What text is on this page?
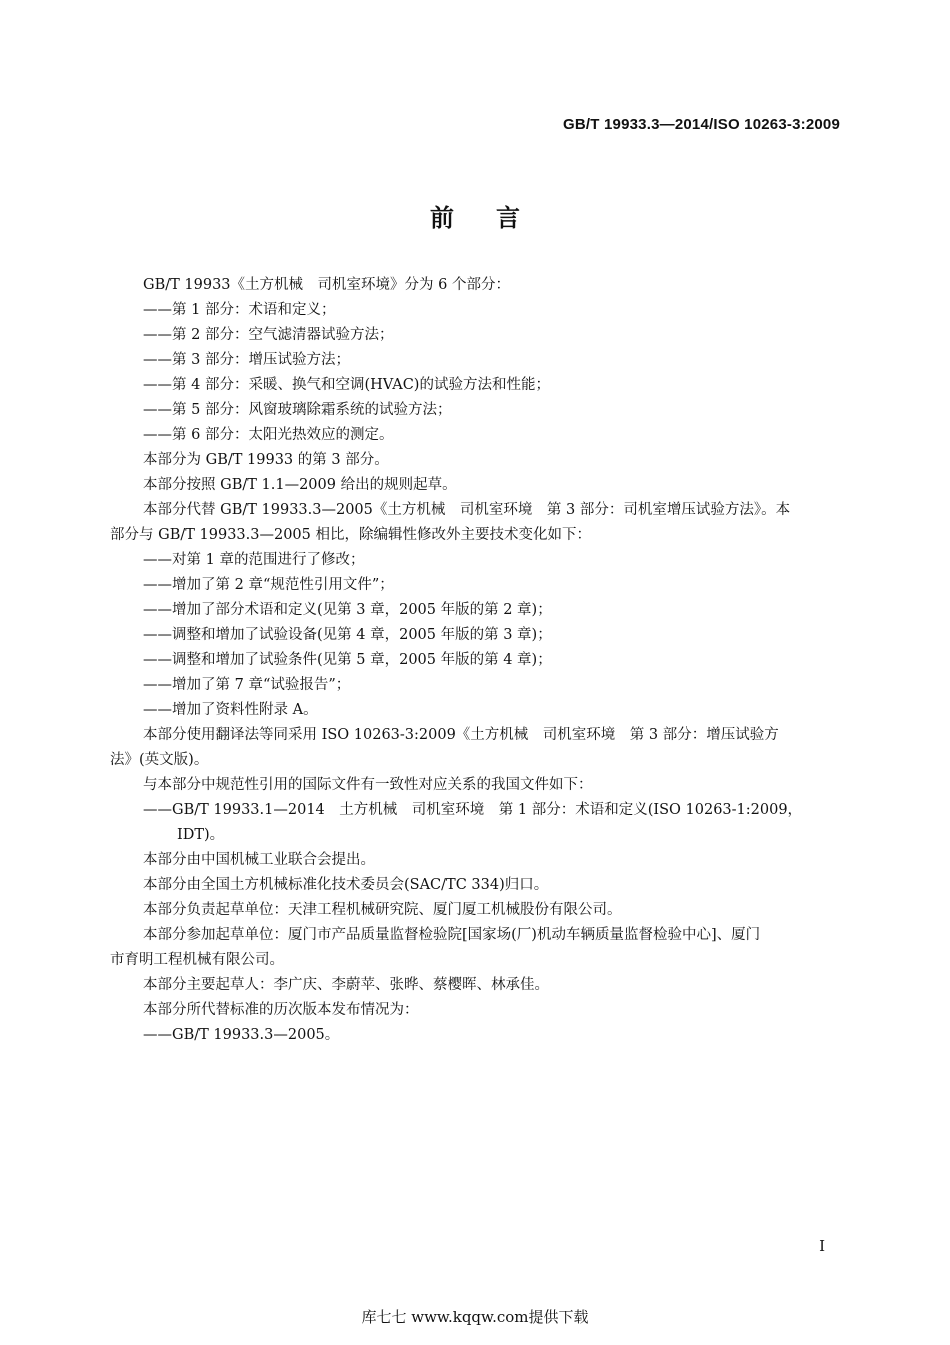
GB/T 19933.3—2014/ISO 10263-3:2009
前言

GB/T 19933《土方机械　司机室环境》分为 6 个部分：

——第 1 部分：术语和定义；

——第 2 部分：空气滤清器试验方法；

——第 3 部分：增压试验方法；

——第 4 部分：采暖、换气和空调(HVAC)的试验方法和性能；

——第 5 部分：风窗玻璃除霜系统的试验方法；

——第 6 部分：太阳光热效应的测定。

本部分为 GB/T 19933 的第 3 部分。

本部分按照 GB/T 1.1—2009 给出的规则起草。

本部分代替 GB/T 19933.3—2005《土方机械　司机室环境　第 3 部分：司机室增压试验方法》。本

部分与 GB/T 19933.3—2005 相比，除编辑性修改外主要技术变化如下：

——对第 1 章的范围进行了修改；

——增加了第 2 章“规范性引用文件”；

——增加了部分术语和定义(见第 3 章，2005 年版的第 2 章)；

——调整和增加了试验设备(见第 4 章，2005 年版的第 3 章)；

——调整和增加了试验条件(见第 5 章，2005 年版的第 4 章)；

——增加了第 7 章“试验报告”；

——增加了资料性附录 A。

本部分使用翻译法等同采用 ISO 10263-3:2009《土方机械　司机室环境　第 3 部分：增压试验方

法》(英文版)。

与本部分中规范性引用的国际文件有一致性对应关系的我国文件如下：

——GB/T 19933.1—2014　土方机械　司机室环境　第 1 部分：术语和定义(ISO 10263-1:2009，

IDT)。

本部分由中国机械工业联合会提出。

本部分由全国土方机械标准化技术委员会(SAC/TC 334)归口。

本部分负责起草单位：天津工程机械研究院、厦门厦工机械股份有限公司。

本部分参加起草单位：厦门市产品质量监督检验院[国家场(厂)机动车辆质量监督检验中心]、厦门

市育明工程机械有限公司。

本部分主要起草人：李广庆、李蔚苹、张晔、蔡樱晖、林承佳。

本部分所代替标准的历次版本发布情况为：

——GB/T 19933.3—2005。

I
库七七 www.kqqw.com提供下载
